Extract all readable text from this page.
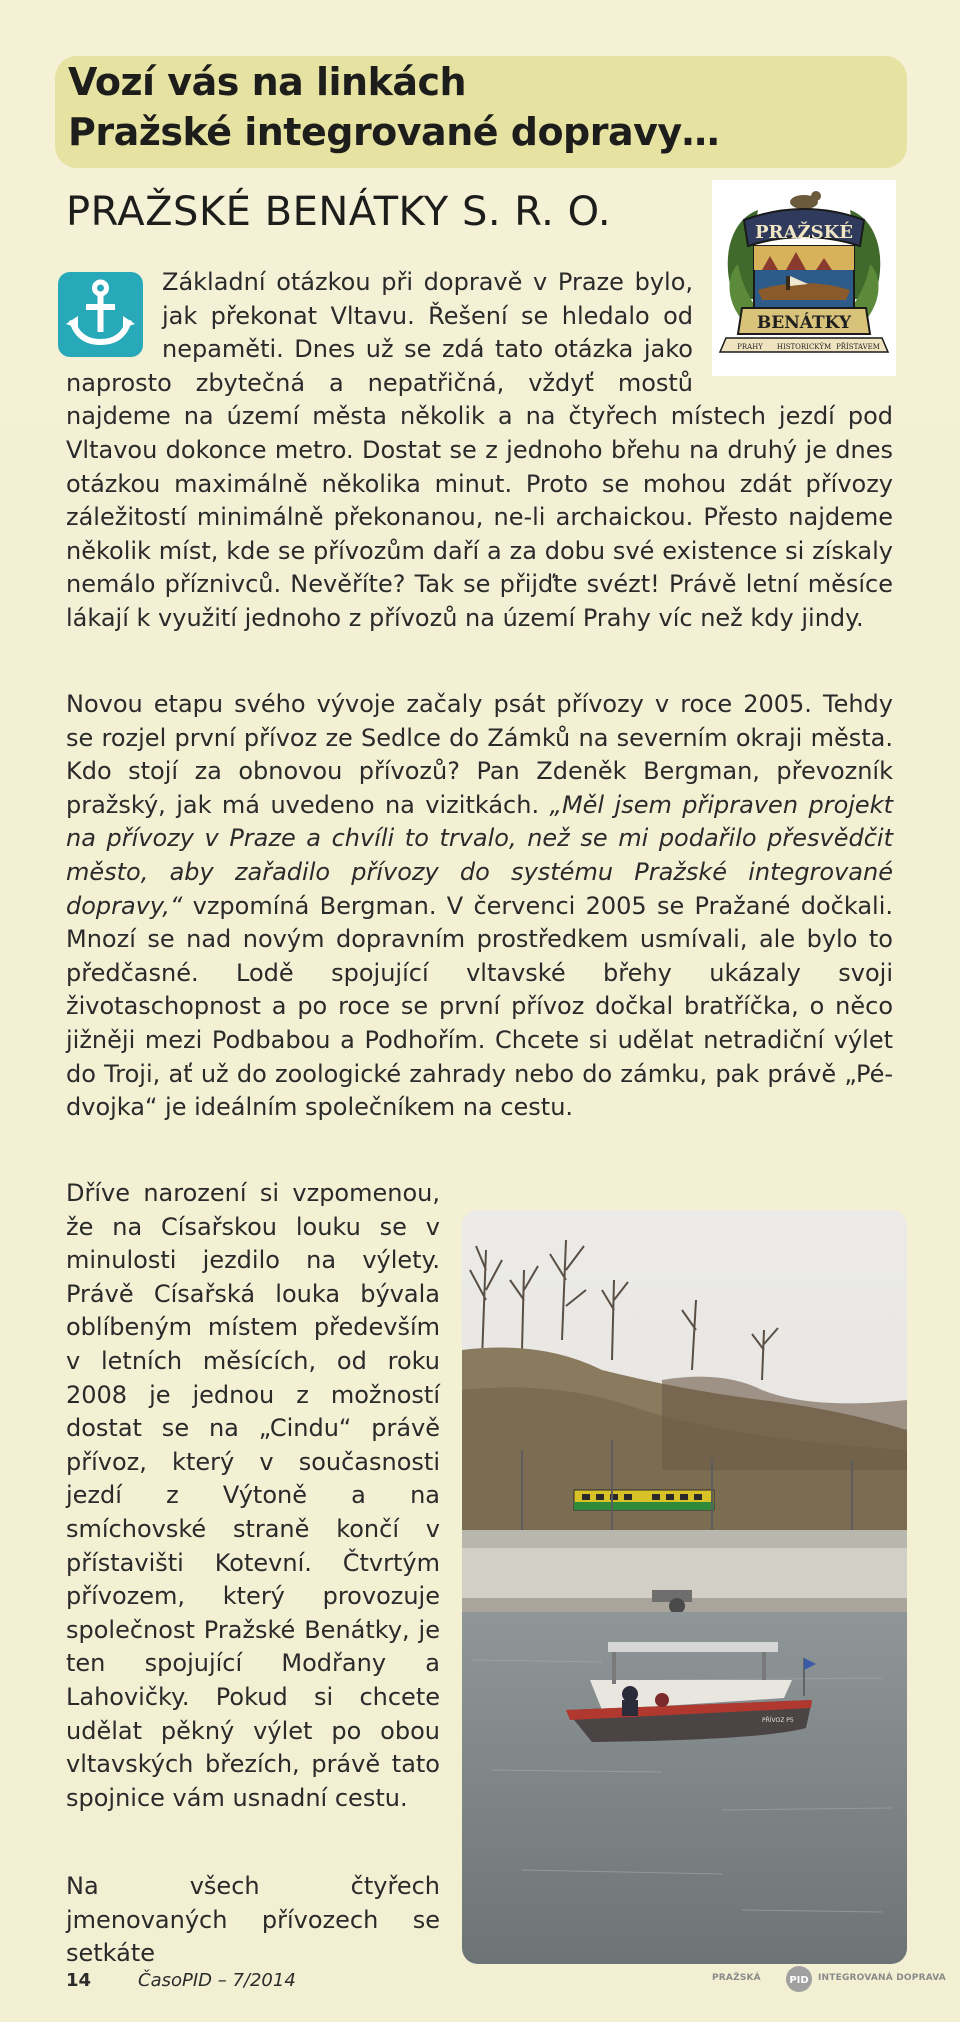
Vozí vás na linkách
Pražské integrované dopravy…
PRAŽSKÉ BENÁTKY S. R. O.	PRAŽSKÉ
BENÁTKY
PRAHY HISTORICKÝM PŘÍSTAVEM

Základní otázkou při dopravě v Praze bylo, jak překonat Vltavu. Řešení se hledalo od nepaměti. Dnes už se zdá tato otázka jako naprosto zbytečná a nepatřičná, vždyť mostů najdeme na území města několik a na čtyřech místech jezdí pod Vltavou dokonce metro. Dostat se z jednoho břehu na druhý je dnes otázkou maximálně několika minut. Proto se mohou zdát přívozy záležitostí minimálně překonanou, ne-li archaickou. Přesto najdeme několik míst, kde se přívozům daří a za dobu své existence si získaly nemálo příznivců. Nevěříte? Tak se přijďte svézt! Právě letní měsíce lákají k využití jednoho z přívozů na území Prahy víc než kdy jindy.

Novou etapu svého vývoje začaly psát přívozy v roce 2005. Tehdy se rozjel první přívoz ze Sedlce do Zámků na severním okraji města. Kdo stojí za obnovou přívozů? Pan Zdeněk Bergman, převozník pražský, jak má uvedeno na vizitkách. „Měl jsem připraven projekt na přívozy v Praze a chvíli to trvalo, než se mi podařilo přesvědčit město, aby zařadilo přívozy do systému Pražské integrované dopravy,“ vzpomíná Bergman. V červenci 2005 se Pražané dočkali. Mnozí se nad novým dopravním prostředkem usmívali, ale bylo to předčasné. Lodě spojující vltavské břehy ukázaly svoji životaschopnost a po roce se první přívoz dočkal bratříčka, o něco jižněji mezi Podbabou a Podhořím. Chcete si udělat netradiční výlet do Troji, ať už do zoologické zahrady nebo do zámku, pak právě „Pé-dvojka“ je ideálním společníkem na cestu.

Dříve narození si vzpomenou, že na Císařskou louku se v minulosti jezdilo na výlety. Právě Císařská louka bývala oblíbeným místem především v letních měsících, od roku 2008 je jednou z možností dostat se na „Cindu“ právě přívoz, který v současnosti jezdí z Výtoně a na smíchovské straně končí v přístavišti Kotevní. Čtvrtým přívozem, který provozuje společnost Pražské Benátky, je ten spojující Modřany a Lahovičky. Pokud si chcete udělat pěkný výlet po obou vltavských březích, právě tato spojnice vám usnadní cestu.

Na všech čtyřech jmenovaných přívozech se setkáte

PŘÍVOZ P5
14	ČasoPID – 7/2014	PRAŽSKÁ	PID INTEGROVANÁ DOPRAVA
